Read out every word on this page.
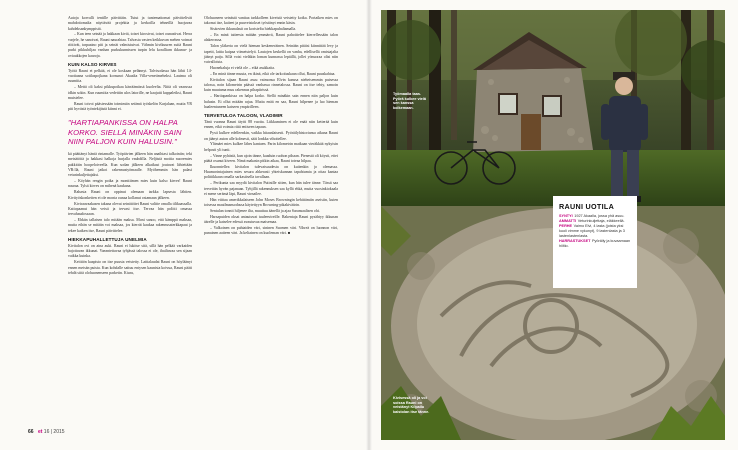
Autoja korvalli tentille päivittäin. Tutut ja tuntemattomat päivittelivät mahdottomalta näyttävää projektia ja kerkoilla tehneillä huojuvaa kahdeksankymppistä.

– Kun teen seinää ja hakkaan kiviä, toiset kirosivat, toiset ounastivat. Herra varjele, he sanoivat, Rauni naurahtaa. Talvasta vasten keikkuvan mehen voimat riittivät, tarpaaino piti ja seinät valmistuivat. Vähmin kivikuuren suitä Rauni purki pikkuhiljaa vanhan purkukunnissen tarpin lelu koralliarn ikkunar- ja oviaukkojen kaaroja.

KUIN KALSO KIRVES

Työtä Rauni ei pelkää, ei ole koskaan pelännyt. Talvisodassa hän lähti 14-vuotiaana sotilaspojkana korsunot Akaalta Villa-venetimeheksi. Lautma oli ruumiita.

– Mettä oli kaksi pikkupoikaa kärräämässä kuoleelta. Niitä oli vaarussa idkin sokin. Kun ruumiita vedettiin ulos latorille, ne kaajutti kappaleiksi, Rauni muistelee.

Rauni toivoi päästessään toimimiin setämä työskelön Karjalaan, mutta VR piti hyvästä työntekijästä kiinni ei.

"HARTIAPANKISSA ON HALPA KORKO. SIELLÄ MINÄKIN SAIN NIIN PALJON KUIN HALUSIN."

kä päättänyt häntä rintamalle. Työpäivien jälkeen hän anaihtasi talkoiniin; teki metsätöitä ja hakkasi halkoja hurjalla vauhdilla. Neljästä mottia nuoremies pakkittin hoopeloiveella. Kun sodan jälkeen alkaikast joutavat lähteitään VR:llä, Rauni jatkoi rakennustyömaalle. Myöhemmin hän palasi veturinkuljettajaksi.

– Köyhän rengin poika ja monttiimen mies kuin kalso kirves! Rauni nauraa. Tylsä kirves on mihenä kaukana.

Rahasta Rauni on oppinut olemaan tarkka lapsesta lähtien. Kivityöskonkeiten ei ole monta ounaa kollanut ostamaan jälkeen.

Kiviraavaakasen takana olevat seinätöitet Rauni valitte omalla tilikaassalla. Kattopaanut hän veisti ja tervasi itse. Tervaa hän politti omassa tervahaudossaan.

– Ehkän tallaisen talo mitään maksa. Moni sanoo, että kämppä maksaa, mutta eihän se mitään voi maksaa, jos kierrät kaukaa rakennusaterkkapaat ja tekee kaiken itse, Rauni päivittelee.

HIEKKAPUHALLETTUJA UNELMIA

Kivitalon ovi on aina auki. Rauni ei lukitse sitä, sillä hän pelkää varkaiden hajottavan ikkunat. Vaeantettavaa tyhjässä talossa ei ole, ihailtavaa sen sijaan vaikka kuinka.

Keittiön kaapisto on itse puusta veistetty. Lattialaudat Rauni on höyläänyt ennen metsän puista. Kun kohdalle sattuu entysen kaunista koivua, Rauni pääti tehdä siitä olohuonenseen parketin. Kiuru,

Olohuoneen seinästä vanttaa tarkkolleen kiveistä veistetty kotka. Portaiken mies on takonut itse, kaiteet ja puuveistokset työstänyt ennin käsin.

Sisäovien ikkunalasit on koristeltu hiekkapuhaltamalla.

– En minä taiteesta mitään ymmärrä, Rauni pahoittelee kierrellessään talon alakerrassa.

Talon yläkerta on vielä hieman keskeneräinen. Seinään pitäisi kiinnittää levy ja tapetit, lattia kaipaa viimeistelyä. Lautojen keskellä on vanha, edellisellä omistajalta jäänyt patja. Sillä voisi vieläkin loman kunnassa lepäillä, jollei yönuoraa olisi niin vaivalloista.

Huonekaluja ei vielä ole – eikä asukkaita.

– En minä tänne muuta, en ikinä, eikä ole tarkoituskaan ollut, Rauni puuskahtaa.

Kivitalon sijaan Rauni asuu vaimonsa Elvin kanssa nieheisemmin puisessa talossa, noin kilometrin päässä vanhassa rinnetalossa. Rauni on itse tehty, samoin kuin muutama muu rakennus pihapiirissä.

– Hartiapankissa on halpa korko. Siellä minäkin sain ennen niin paljon kuin halusin. Ei ollut mitään rajaa. Mutta enää en saa, Rauni hilpenee ja luo hieman haaleentuneen katseen ympärilleen.

TERVETULOA TALOON, VLADIMIR

Tänä vuonna Rauni täytti 88 vuotta. Liikkuminen ei ole enää niin ketterää kuin ennen, eikä voimia riitä entiseen tapaan.

Pysti kulkee edelleenkin, vaikka hitaanlaisesti. Pyöräilyhistoriansa aikana Rauni on jäänyt auton alle kolmesti, sääi lonkka vihoitellee.

Ylämäet mies kulkee lähes kantaen. Parin kilometrin matkaan vieräkkää nykyisin helposti yli tunti.

– Vinne pyhästä, kun ajoin tänne, kaaduin ruohon pihaan. Pienestä oli köysti, ettei päätä osunut kiveen. Nimä makasin pitkin aikaa, Rauni toteaa hilpaa.

Ikuonniellea kivitalon tulevaisuudesta on kuitenkin jo olemassa. Huumorintajuinen mies sesura ahkerasti yhteiskunnan tapahtumia ja ottaa kantaa politiikkaan omalla sarkastisella tavallaan.

– Perikunta saa myydä kivitalon Putinille sitten, kun hän tulee tänne. Tässä saa tervetäin hyvän pajanaan. Tyhjillä rakennuksen saa kyllä ehkä, mutta vuosinkiokaala ei mene serämä läpi, Rauni virnailee.

Hän viittaa amerikkalaiseen John Moses Browningin kehittämiin aseisiin, kuten toisessa maailmansodassa käytettyyn Browning-pikakiväärin.

Sentulan tonnit hiljenee ilta, muuttuu äänellä ja ajaa Saransaalisen ohi.

Harsapuiden oksat antautuvat tuulenvireille. Rakentaja Rauni pysähtyy ikkunan äärelle ja katselee edessä avautuvaa maisemaa.

– Valkoinen on puhtaiden väri, sininen Suomen väri. Vihreä on luonnon väri, punainen aatteen väri. Ja keltainen on kuoleman väri. ■

66 et 16 | 2015
Työmaalla taas. Pyörä kulkee vielä sen kanssa kolkemaan.
Kivisessä oli ja voi soissa Rauni on veistänyt Kilpailu kaistolan itse tänne.
RAUNI UOTILA
SYNTYI 1927 Akaalla, jossa yhä asuu.
AMMATTI Veturinkuljettaja, eläkkeellä.
PERHE Vaimo Elvi, 4 lasta (joista yksi kuoli vimme vykunyt), 9 lastenlasta ja 3 lastenlastenlasta.
HARRASTUKSET Pyöräily ja kuvaamaan hiiltio.
